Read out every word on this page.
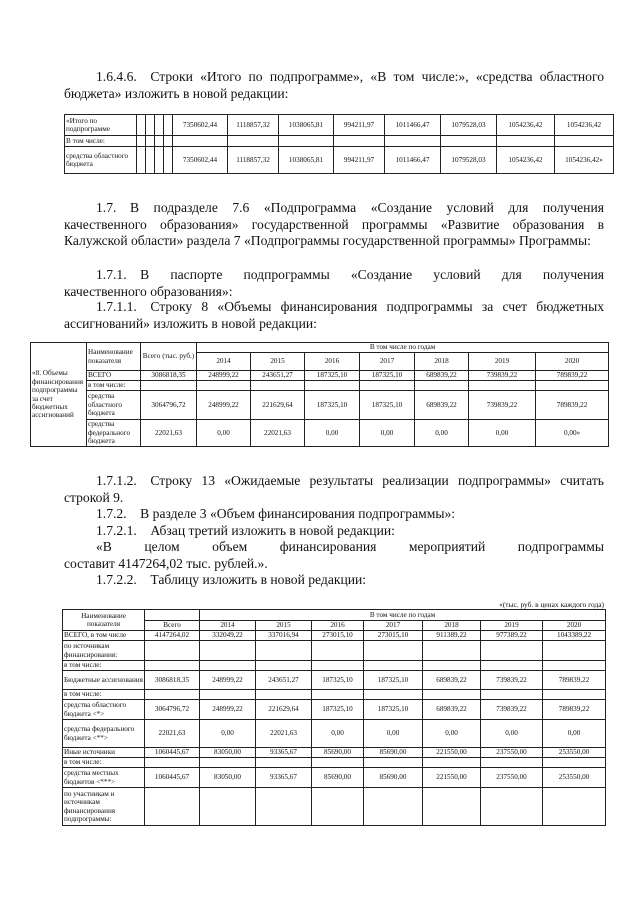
1.6.4.6. Строки «Итого по подпрограмме», «В том числе:», «средства областного бюджета» изложить в новой редакции:

«Итого по подпрограмме					7350602,44	1118857,32	1038065,81	994211,97	1011466,47	1079528,03	1054236,42	1054236,42
В том числе:												
средства областного бюджета					7350602,44	1118857,32	1038065,81	994211,97	1011466,47	1079528,03	1054236,42	1054236,42»

1.7. В подразделе 7.6 «Подпрограмма «Создание условий для получения качественного образования» государственной программы «Развитие образования в Калужской области» раздела 7 «Подпрограммы государственной программы» Программы:

1.7.1. В паспорте подпрограммы «Создание условий для получения

качественного образования»:

1.7.1.1. Строку 8 «Объемы финансирования подпрограммы за счет бюджетных ассигнований» изложить в новой редакции:

«8. Объемы финансирования подпрограммы за счет бюджетных ассигнований	Наименование показателя	Всего (тыс. руб.)	В том числе по годам						
			2014	2015	2016	2017	2018	2019	2020
	ВСЕГО	3086818,35	248999,22	243651,27	187325,10	187325,10	689839,22	739839,22	789839,22
	в том числе:								
	средства областного бюджета	3064796,72	248999,22	221629,64	187325,10	187325,10	689839,22	739839,22	789839,22
	средства федерального бюджета	22021,63	0,00	22021,63	0,00	0,00	0,00	0,00	0,00»

1.7.1.2. Строку 13 «Ожидаемые результаты реализации подпрограммы» считать строкой 9.

1.7.2. В разделе 3 «Объем финансирования подпрограммы»:

1.7.2.1. Абзац третий изложить в новой редакции:

«В целом объем финансирования мероприятий подпрограммы

составит 4147264,02 тыс. рублей.».

1.7.2.2. Таблицу изложить в новой редакции:

«(тыс. руб. в ценах каждого года)
Наименование показателя		В том числе по годам						
	Всего	2014	2015	2016	2017	2018	2019	2020
ВСЕГО, в том числе	4147264,02	332049,22	337016,94	273015,10	273015,10	911389,22	977389,22	1043389,22
по источникам финансирования:								
в том числе:								
Бюджетные ассигнования	3086818,35	248999,22	243651,27	187325,10	187325,10	689839,22	739839,22	789839,22
в том числе:								
средства областного бюджета <*>	3064796,72	248999,22	221629,64	187325,10	187325,10	689839,22	739839,22	789839,22
средства федерального бюджета <**>	22021,63	0,00	22021,63	0,00	0,00	0,00	0,00	0,00
Иные источники	1060445,67	83050,00	93365,67	85690,00	85690,00	221550,00	237550,00	253550,00
в том числе:								
средства местных бюджетов <***>	1060445,67	83050,00	93365,67	85690,00	85690,00	221550,00	237550,00	253550,00
по участникам и источникам финансирования подпрограммы:								
